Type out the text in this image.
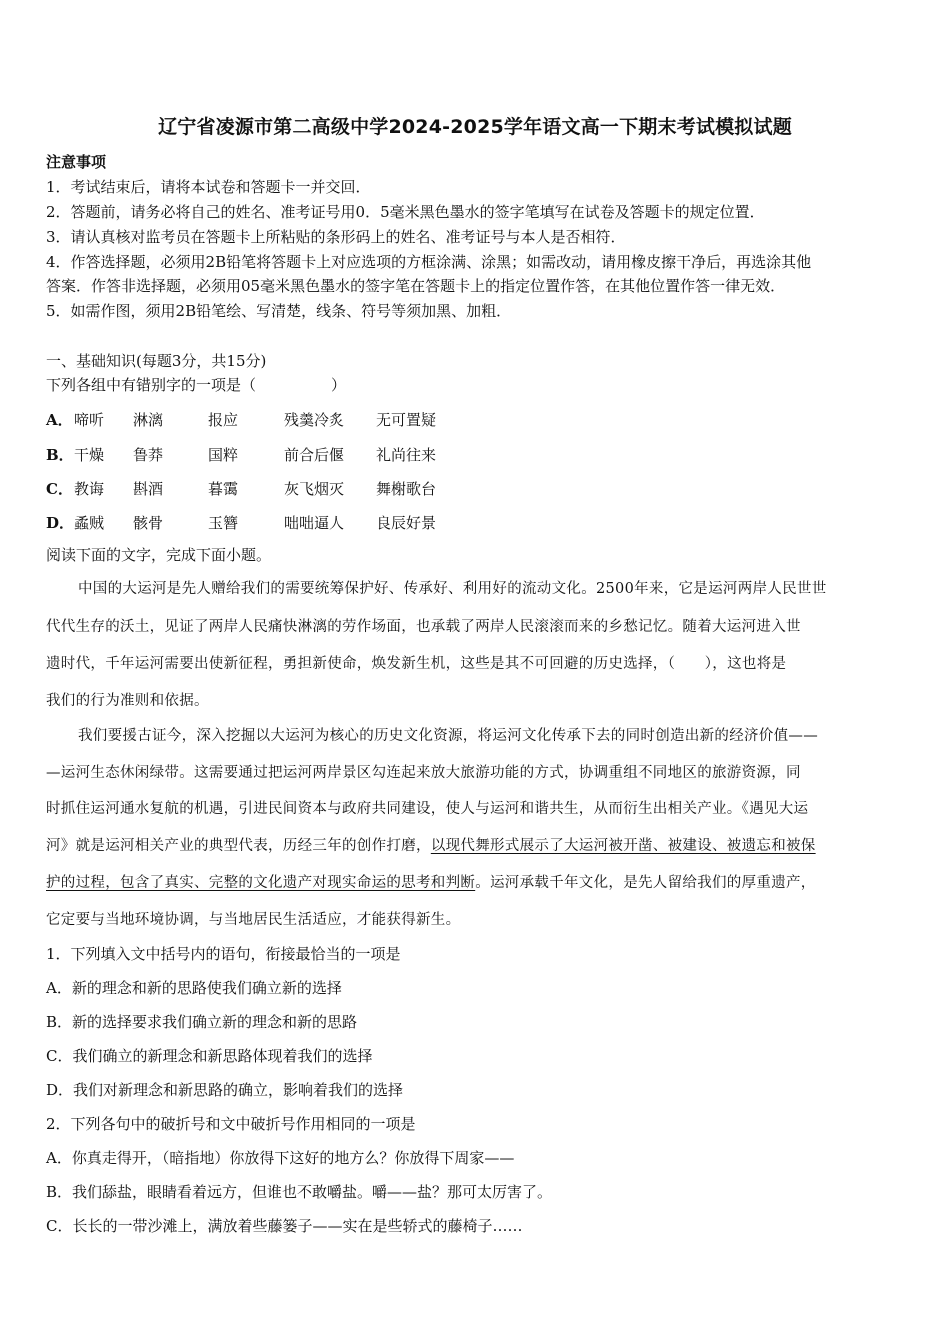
辽宁省凌源市第二高级中学2024-2025学年语文高一下期末考试模拟试题
注意事项
1．考试结束后，请将本试卷和答题卡一并交回．
2．答题前，请务必将自己的姓名、准考证号用0．5毫米黑色墨水的签字笔填写在试卷及答题卡的规定位置．
3．请认真核对监考员在答题卡上所粘贴的条形码上的姓名、准考证号与本人是否相符．
4．作答选择题，必须用2B铅笔将答题卡上对应选项的方框涂满、涂黑；如需改动，请用橡皮擦干净后，再选涂其他
答案．作答非选择题，必须用05毫米黑色墨水的签字笔在答题卡上的指定位置作答，在其他位置作答一律无效．
5．如需作图，须用2B铅笔绘、写清楚，线条、符号等须加黑、加粗．
一、基础知识(每题3分，共15分)
下列各组中有错别字的一项是（　　　　　）
A． 啼听 淋漓	报应	残羹冷炙 无可置疑
B． 干燥 鲁莽	国粹	前合后偃 礼尚往来
C． 教诲 斟酒	暮霭	灰飞烟灭 舞榭歌台
D． 蟊贼 骸骨	玉簪	咄咄逼人 良辰好景
阅读下面的文字，完成下面小题。
中国的大运河是先人赠给我们的需要统筹保护好、传承好、利用好的流动文化。2500年来，它是运河两岸人民世世
代代生存的沃土，见证了两岸人民痛快淋漓的劳作场面，也承载了两岸人民滚滚而来的乡愁记忆。随着大运河进入世
遗时代，千年运河需要出使新征程，勇担新使命，焕发新生机，这些是其不可回避的历史选择，（　　），这也将是
我们的行为准则和依据。
我们要援古证今，深入挖掘以大运河为核心的历史文化资源，将运河文化传承下去的同时创造出新的经济价值——
—运河生态休闲绿带。这需要通过把运河两岸景区勾连起来放大旅游功能的方式，协调重组不同地区的旅游资源，同
时抓住运河通水复航的机遇，引进民间资本与政府共同建设，使人与运河和谐共生，从而衍生出相关产业。《遇见大运
河》就是运河相关产业的典型代表，历经三年的创作打磨，以现代舞形式展示了大运河被开凿、被建设、被遗忘和被保
护的过程，包含了真实、完整的文化遗产对现实命运的思考和判断。运河承载千年文化，是先人留给我们的厚重遗产，
它定要与当地环境协调，与当地居民生活适应，才能获得新生。
1．下列填入文中括号内的语句，衔接最恰当的一项是
A．新的理念和新的思路使我们确立新的选择
B．新的选择要求我们确立新的理念和新的思路
C．我们确立的新理念和新思路体现着我们的选择
D．我们对新理念和新思路的确立，影响着我们的选择
2．下列各句中的破折号和文中破折号作用相同的一项是
A．你真走得开，（暗指地）你放得下这好的地方么？你放得下周家——
B．我们舔盐，眼睛看着远方，但谁也不敢嚼盐。嚼——盐？那可太厉害了。
C．长长的一带沙滩上，满放着些藤篓子——实在是些轿式的藤椅子……
